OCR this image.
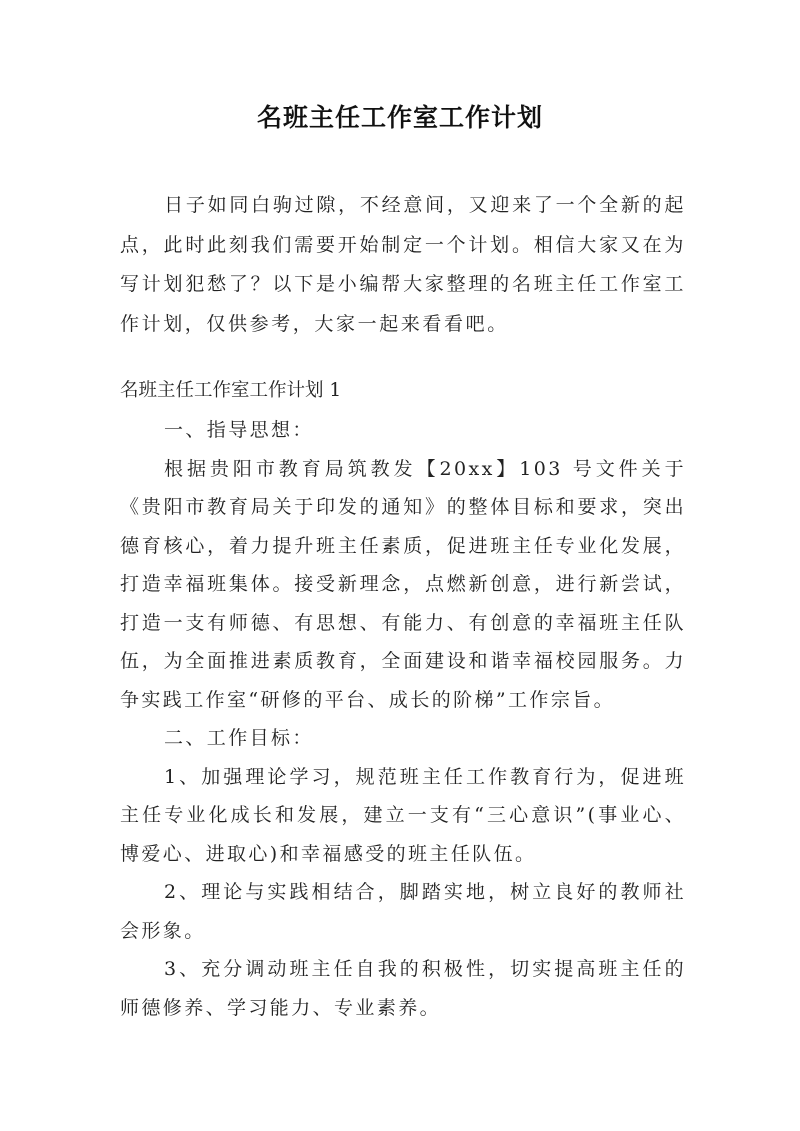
名班主任工作室工作计划

日子如同白驹过隙，不经意间，又迎来了一个全新的起点，此时此刻我们需要开始制定一个计划。相信大家又在为写计划犯愁了？以下是小编帮大家整理的名班主任工作室工作计划，仅供参考，大家一起来看看吧。

名班主任工作室工作计划 1

一、指导思想：

根据贵阳市教育局筑教发【20xx】103 号文件关于《贵阳市教育局关于印发的通知》的整体目标和要求，突出德育核心，着力提升班主任素质，促进班主任专业化发展，打造幸福班集体。接受新理念，点燃新创意，进行新尝试，打造一支有师德、有思想、有能力、有创意的幸福班主任队伍，为全面推进素质教育，全面建设和谐幸福校园服务。力争实践工作室“研修的平台、成长的阶梯”工作宗旨。

二、工作目标：

1、加强理论学习，规范班主任工作教育行为，促进班主任专业化成长和发展，建立一支有“三心意识”(事业心、博爱心、进取心)和幸福感受的班主任队伍。

2、理论与实践相结合，脚踏实地，树立良好的教师社会形象。

3、充分调动班主任自我的积极性，切实提高班主任的师德修养、学习能力、专业素养。
